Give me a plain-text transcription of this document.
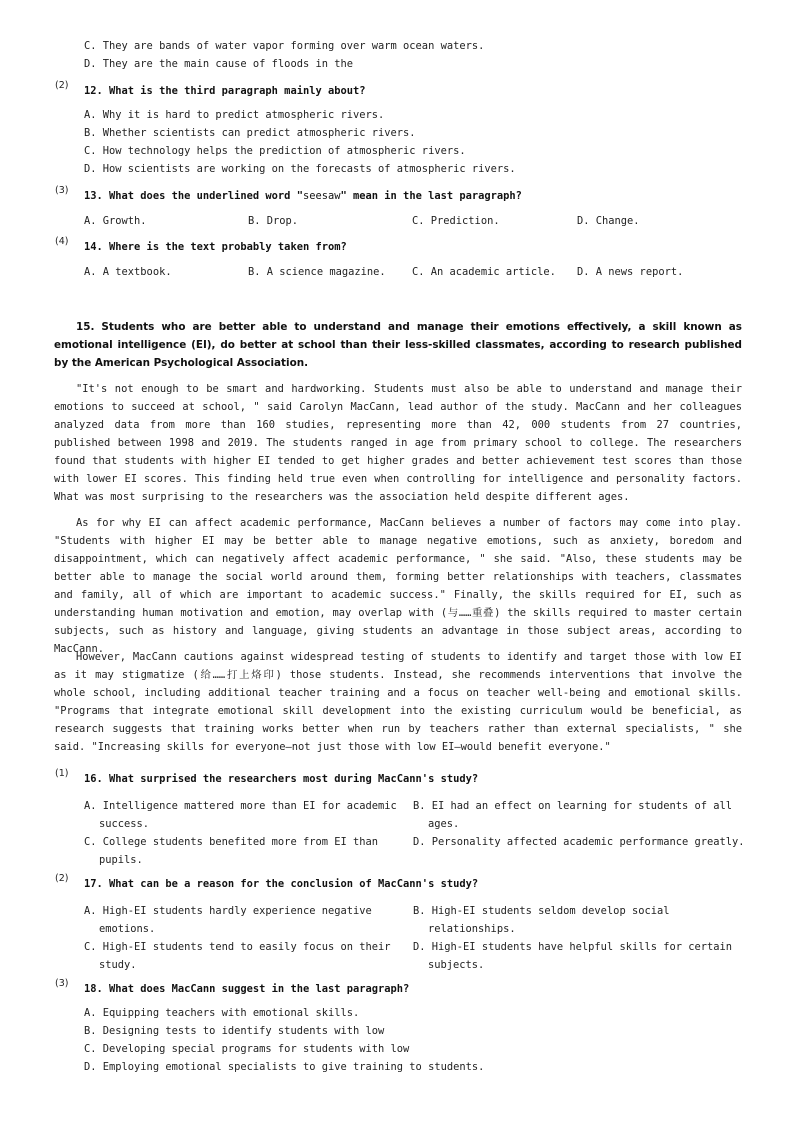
C. They are bands of water vapor forming over warm ocean waters.
D. They are the main cause of floods in the
(2) 12. What is the third paragraph mainly about?
A. Why it is hard to predict atmospheric rivers.
B. Whether scientists can predict atmospheric rivers.
C. How technology helps the prediction of atmospheric rivers.
D. How scientists are working on the forecasts of atmospheric rivers.
(3) 13. What does the underlined word "seesaw" mean in the last paragraph?
A. Growth.	B. Drop.	C. Prediction.	D. Change.
(4) 14. Where is the text probably taken from?
A. A textbook.	B. A science magazine.	C. An academic article. D. A news report.
15. Students who are better able to understand and manage their emotions effectively, a skill known as emotional intelligence (EI), do better at school than their less-skilled classmates, according to research published by the American Psychological Association.
"It's not enough to be smart and hardworking. Students must also be able to understand and manage their emotions to succeed at school, " said Carolyn MacCann, lead author of the study. MacCann and her colleagues analyzed data from more than 160 studies, representing more than 42, 000 students from 27 countries, published between 1998 and 2019. The students ranged in age from primary school to college. The researchers found that students with higher EI tended to get higher grades and better achievement test scores than those with lower EI scores. This finding held true even when controlling for intelligence and personality factors. What was most surprising to the researchers was the association held despite different ages.
As for why EI can affect academic performance, MacCann believes a number of factors may come into play. "Students with higher EI may be better able to manage negative emotions, such as anxiety, boredom and disappointment, which can negatively affect academic performance, " she said. "Also, these students may be better able to manage the social world around them, forming better relationships with teachers, classmates and family, all of which are important to academic success." Finally, the skills required for EI, such as understanding human motivation and emotion, may overlap with (与……重叠) the skills required to master certain subjects, such as history and language, giving students an advantage in those subject areas, according to MacCann.
However, MacCann cautions against widespread testing of students to identify and target those with low EI as it may stigmatize (给……打上烙印) those students. Instead, she recommends interventions that involve the whole school, including additional teacher training and a focus on teacher well-being and emotional skills. "Programs that integrate emotional skill development into the existing curriculum would be beneficial, as research suggests that training works better when run by teachers rather than external specialists, " she said. "Increasing skills for everyone—not just those with low EI—would benefit everyone."
(1) 16. What surprised the researchers most during MacCann's study?
A. Intelligence mattered more than EI for academic success.
B. EI had an effect on learning for students of all ages.
C. College students benefited more from EI than pupils.
D. Personality affected academic performance greatly.
(2) 17. What can be a reason for the conclusion of MacCann's study?
A. High-EI students hardly experience negative emotions.
B. High-EI students seldom develop social relationships.
C. High-EI students tend to easily focus on their study.
D. High-EI students have helpful skills for certain subjects.
(3) 18. What does MacCann suggest in the last paragraph?
A. Equipping teachers with emotional skills.
B. Designing tests to identify students with low
C. Developing special programs for students with low
D. Employing emotional specialists to give training to students.
